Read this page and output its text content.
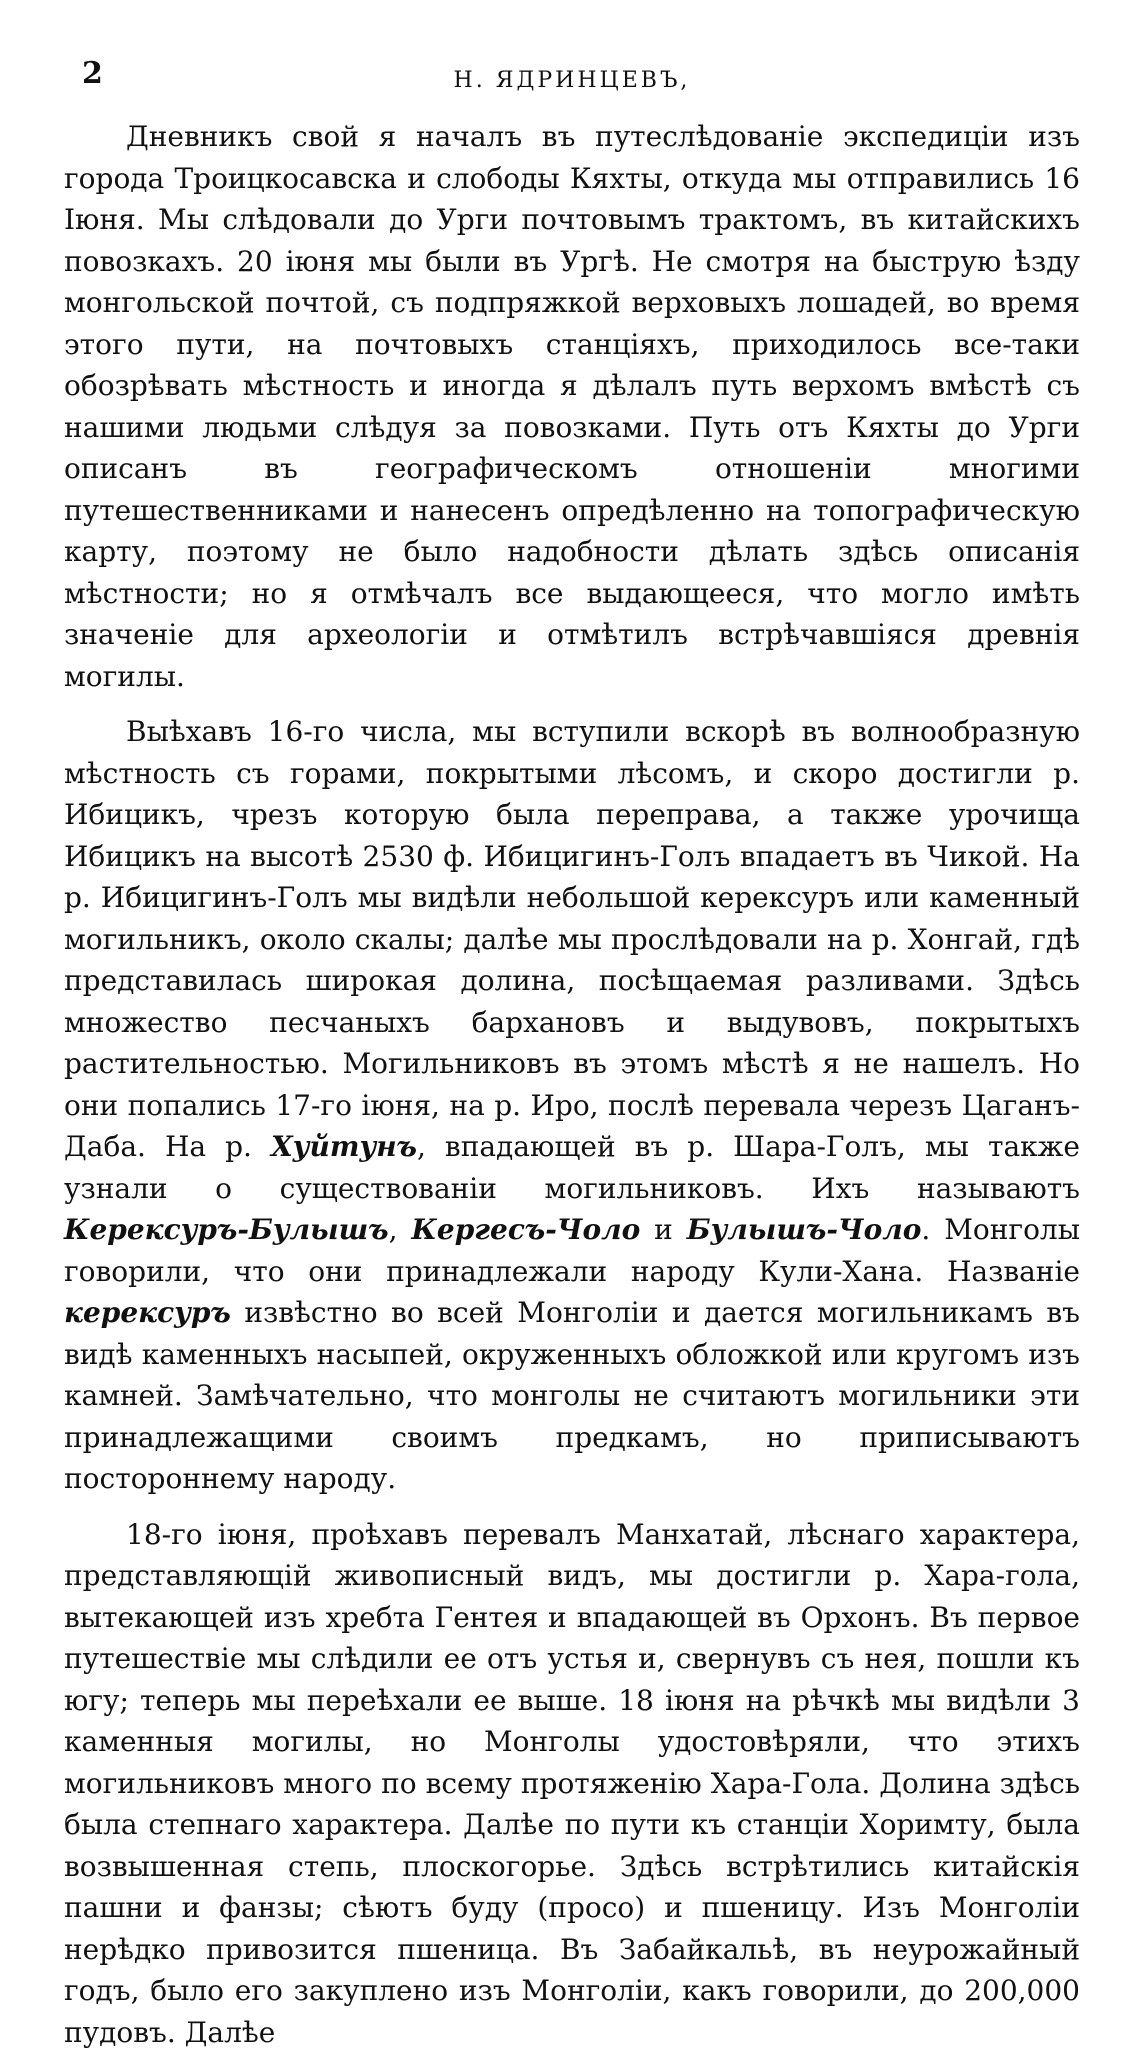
2	Н. ЯДРИНЦЕВЪ,

Дневникъ свой я началъ въ путеслѣдованіе экспедиціи изъ города Троицкосавска и слободы Кяхты, откуда мы отправились 16 Іюня. Мы слѣдовали до Урги почтовымъ трактомъ, въ китайскихъ повозкахъ. 20 іюня мы были въ Ургѣ. Не смотря на быструю ѣзду монгольской почтой, съ подпряжкой верховыхъ лошадей, во время этого пути, на почтовыхъ станціяхъ, приходилось все-таки обозрѣвать мѣстность и иногда я дѣлалъ путь верхомъ вмѣстѣ съ нашими людьми слѣдуя за повозками. Путь отъ Кяхты до Урги описанъ въ географическомъ отношеніи многими путешественниками и нанесенъ опредѣленно на топографическую карту, поэтому не было надобности дѣлать здѣсь описанія мѣстности; но я отмѣчалъ все выдающееся, что могло имѣть значеніе для археологіи и отмѣтилъ встрѣчавшіяся древнія могилы.

Выѣхавъ 16-го числа, мы вступили вскорѣ въ волнообразную мѣстность съ горами, покрытыми лѣсомъ, и скоро достигли р. Ибицикъ, чрезъ которую была переправа, а также урочища Ибицикъ на высотѣ 2530 ф. Ибицигинъ-Голъ впадаетъ въ Чикой. На р. Ибицигинъ-Голъ мы видѣли небольшой керексуръ или каменный могильникъ, около скалы; далѣе мы прослѣдовали на р. Хонгай, гдѣ представилась широкая долина, посѣщаемая разливами. Здѣсь множество песчаныхъ бархановъ и выдувовъ, покрытыхъ растительностью. Могильниковъ въ этомъ мѣстѣ я не нашелъ. Но они попались 17-го іюня, на р. Иро, послѣ перевала черезъ Цаганъ-Даба. На р. Хуйтунъ, впадающей въ р. Шара-Голъ, мы также узнали о существованіи могильниковъ. Ихъ называютъ Керексуръ-Булышъ, Кергесъ-Чоло и Булышъ-Чоло. Монголы говорили, что они принадлежали народу Кули-Хана. Названіе керексуръ извѣстно во всей Монголіи и дается могильникамъ въ видѣ каменныхъ насыпей, окруженныхъ обложкой или кругомъ изъ камней. Замѣчательно, что монголы не считаютъ могильники эти принадлежащими своимъ предкамъ, но приписываютъ постороннему народу.

18-го іюня, проѣхавъ перевалъ Манхатай, лѣснаго характера, представляющій живописный видъ, мы достигли р. Хара-гола, вытекающей изъ хребта Гентея и впадающей въ Орхонъ. Въ первое путешествіе мы слѣдили ее отъ устья и, свернувъ съ нея, пошли къ югу; теперь мы переѣхали ее выше. 18 іюня на рѣчкѣ мы видѣли 3 каменныя могилы, но Монголы удостовѣряли, что этихъ могильниковъ много по всему протяженію Хара-Гола. Долина здѣсь была степнаго характера. Далѣе по пути къ станціи Хоримту, была возвышенная степь, плоскогорье. Здѣсь встрѣтились китайскія пашни и фанзы; сѣютъ буду (просо) и пшеницу. Изъ Монголіи нерѣдко привозится пшеница. Въ Забайкальѣ, въ неурожайный годъ, было его закуплено изъ Монголіи, какъ говорили, до 200,000 пудовъ. Далѣе
